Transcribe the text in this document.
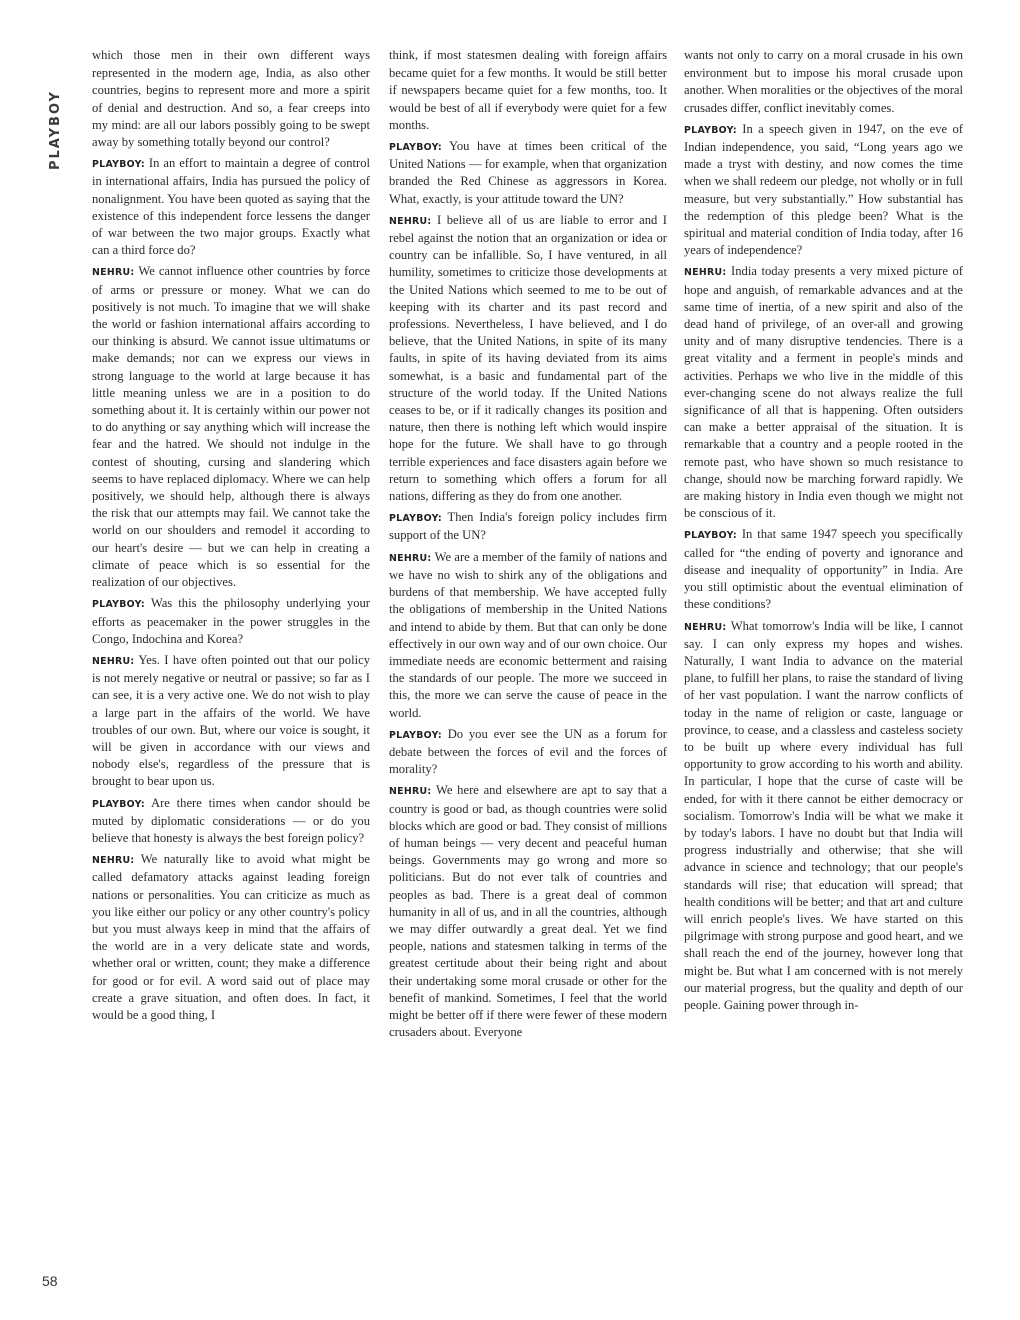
PLAYBOY

which those men in their own different ways represented in the modern age, India, as also other countries, begins to represent more and more a spirit of denial and destruction. And so, a fear creeps into my mind: are all our labors possibly going to be swept away by something totally beyond our control?

PLAYBOY: In an effort to maintain a degree of control in international affairs, India has pursued the policy of nonalignment. You have been quoted as saying that the existence of this independent force lessens the danger of war between the two major groups. Exactly what can a third force do?

NEHRU: We cannot influence other countries by force of arms or pressure or money. What we can do positively is not much. To imagine that we will shake the world or fashion international affairs according to our thinking is absurd. We cannot issue ultimatums or make demands; nor can we express our views in strong language to the world at large because it has little meaning unless we are in a position to do something about it. It is certainly within our power not to do anything or say anything which will increase the fear and the hatred. We should not indulge in the contest of shouting, cursing and slandering which seems to have replaced diplomacy. Where we can help positively, we should help, although there is always the risk that our attempts may fail. We cannot take the world on our shoulders and remodel it according to our heart's desire — but we can help in creating a climate of peace which is so essential for the realization of our objectives.

PLAYBOY: Was this the philosophy underlying your efforts as peacemaker in the power struggles in the Congo, Indochina and Korea?

NEHRU: Yes. I have often pointed out that our policy is not merely negative or neutral or passive; so far as I can see, it is a very active one. We do not wish to play a large part in the affairs of the world. We have troubles of our own. But, where our voice is sought, it will be given in accordance with our views and nobody else's, regardless of the pressure that is brought to bear upon us.

PLAYBOY: Are there times when candor should be muted by diplomatic considerations — or do you believe that honesty is always the best foreign policy?

NEHRU: We naturally like to avoid what might be called defamatory attacks against leading foreign nations or personalities. You can criticize as much as you like either our policy or any other country's policy but you must always keep in mind that the affairs of the world are in a very delicate state and words, whether oral or written, count; they make a difference for good or for evil. A word said out of place may create a grave situation, and often does. In fact, it would be a good thing, I

think, if most statesmen dealing with foreign affairs became quiet for a few months. It would be still better if newspapers became quiet for a few months, too. It would be best of all if everybody were quiet for a few months.

PLAYBOY: You have at times been critical of the United Nations — for example, when that organization branded the Red Chinese as aggressors in Korea. What, exactly, is your attitude toward the UN?

NEHRU: I believe all of us are liable to error and I rebel against the notion that an organization or idea or country can be infallible. So, I have ventured, in all humility, sometimes to criticize those developments at the United Nations which seemed to me to be out of keeping with its charter and its past record and professions. Nevertheless, I have believed, and I do believe, that the United Nations, in spite of its many faults, in spite of its having deviated from its aims somewhat, is a basic and fundamental part of the structure of the world today. If the United Nations ceases to be, or if it radically changes its position and nature, then there is nothing left which would inspire hope for the future. We shall have to go through terrible experiences and face disasters again before we return to something which offers a forum for all nations, differing as they do from one another.

PLAYBOY: Then India's foreign policy includes firm support of the UN?

NEHRU: We are a member of the family of nations and we have no wish to shirk any of the obligations and burdens of that membership. We have accepted fully the obligations of membership in the United Nations and intend to abide by them. But that can only be done effectively in our own way and of our own choice. Our immediate needs are economic betterment and raising the standards of our people. The more we succeed in this, the more we can serve the cause of peace in the world.

PLAYBOY: Do you ever see the UN as a forum for debate between the forces of evil and the forces of morality?

NEHRU: We here and elsewhere are apt to say that a country is good or bad, as though countries were solid blocks which are good or bad. They consist of millions of human beings — very decent and peaceful human beings. Governments may go wrong and more so politicians. But do not ever talk of countries and peoples as bad. There is a great deal of common humanity in all of us, and in all the countries, although we may differ outwardly a great deal. Yet we find people, nations and statesmen talking in terms of the greatest certitude about their being right and about their undertaking some moral crusade or other for the benefit of mankind. Sometimes, I feel that the world might be better off if there were fewer of these modern crusaders about. Everyone

wants not only to carry on a moral crusade in his own environment but to impose his moral crusade upon another. When moralities or the objectives of the moral crusades differ, conflict inevitably comes.

PLAYBOY: In a speech given in 1947, on the eve of Indian independence, you said, “Long years ago we made a tryst with destiny, and now comes the time when we shall redeem our pledge, not wholly or in full measure, but very substantially.” How substantial has the redemption of this pledge been? What is the spiritual and material condition of India today, after 16 years of independence?

NEHRU: India today presents a very mixed picture of hope and anguish, of remarkable advances and at the same time of inertia, of a new spirit and also of the dead hand of privilege, of an over-all and growing unity and of many disruptive tendencies. There is a great vitality and a ferment in people's minds and activities. Perhaps we who live in the middle of this ever-changing scene do not always realize the full significance of all that is happening. Often outsiders can make a better appraisal of the situation. It is remarkable that a country and a people rooted in the remote past, who have shown so much resistance to change, should now be marching forward rapidly. We are making history in India even though we might not be conscious of it.

PLAYBOY: In that same 1947 speech you specifically called for “the ending of poverty and ignorance and disease and inequality of opportunity” in India. Are you still optimistic about the eventual elimination of these conditions?

NEHRU: What tomorrow's India will be like, I cannot say. I can only express my hopes and wishes. Naturally, I want India to advance on the material plane, to fulfill her plans, to raise the standard of living of her vast population. I want the narrow conflicts of today in the name of religion or caste, language or province, to cease, and a classless and casteless society to be built up where every individual has full opportunity to grow according to his worth and ability. In particular, I hope that the curse of caste will be ended, for with it there cannot be either democracy or socialism. Tomorrow's India will be what we make it by today's labors. I have no doubt but that India will progress industrially and otherwise; that she will advance in science and technology; that our people's standards will rise; that education will spread; that health conditions will be better; and that art and culture will enrich people's lives. We have started on this pilgrimage with strong purpose and good heart, and we shall reach the end of the journey, however long that might be. But what I am concerned with is not merely our material progress, but the quality and depth of our people. Gaining power through in-

58
